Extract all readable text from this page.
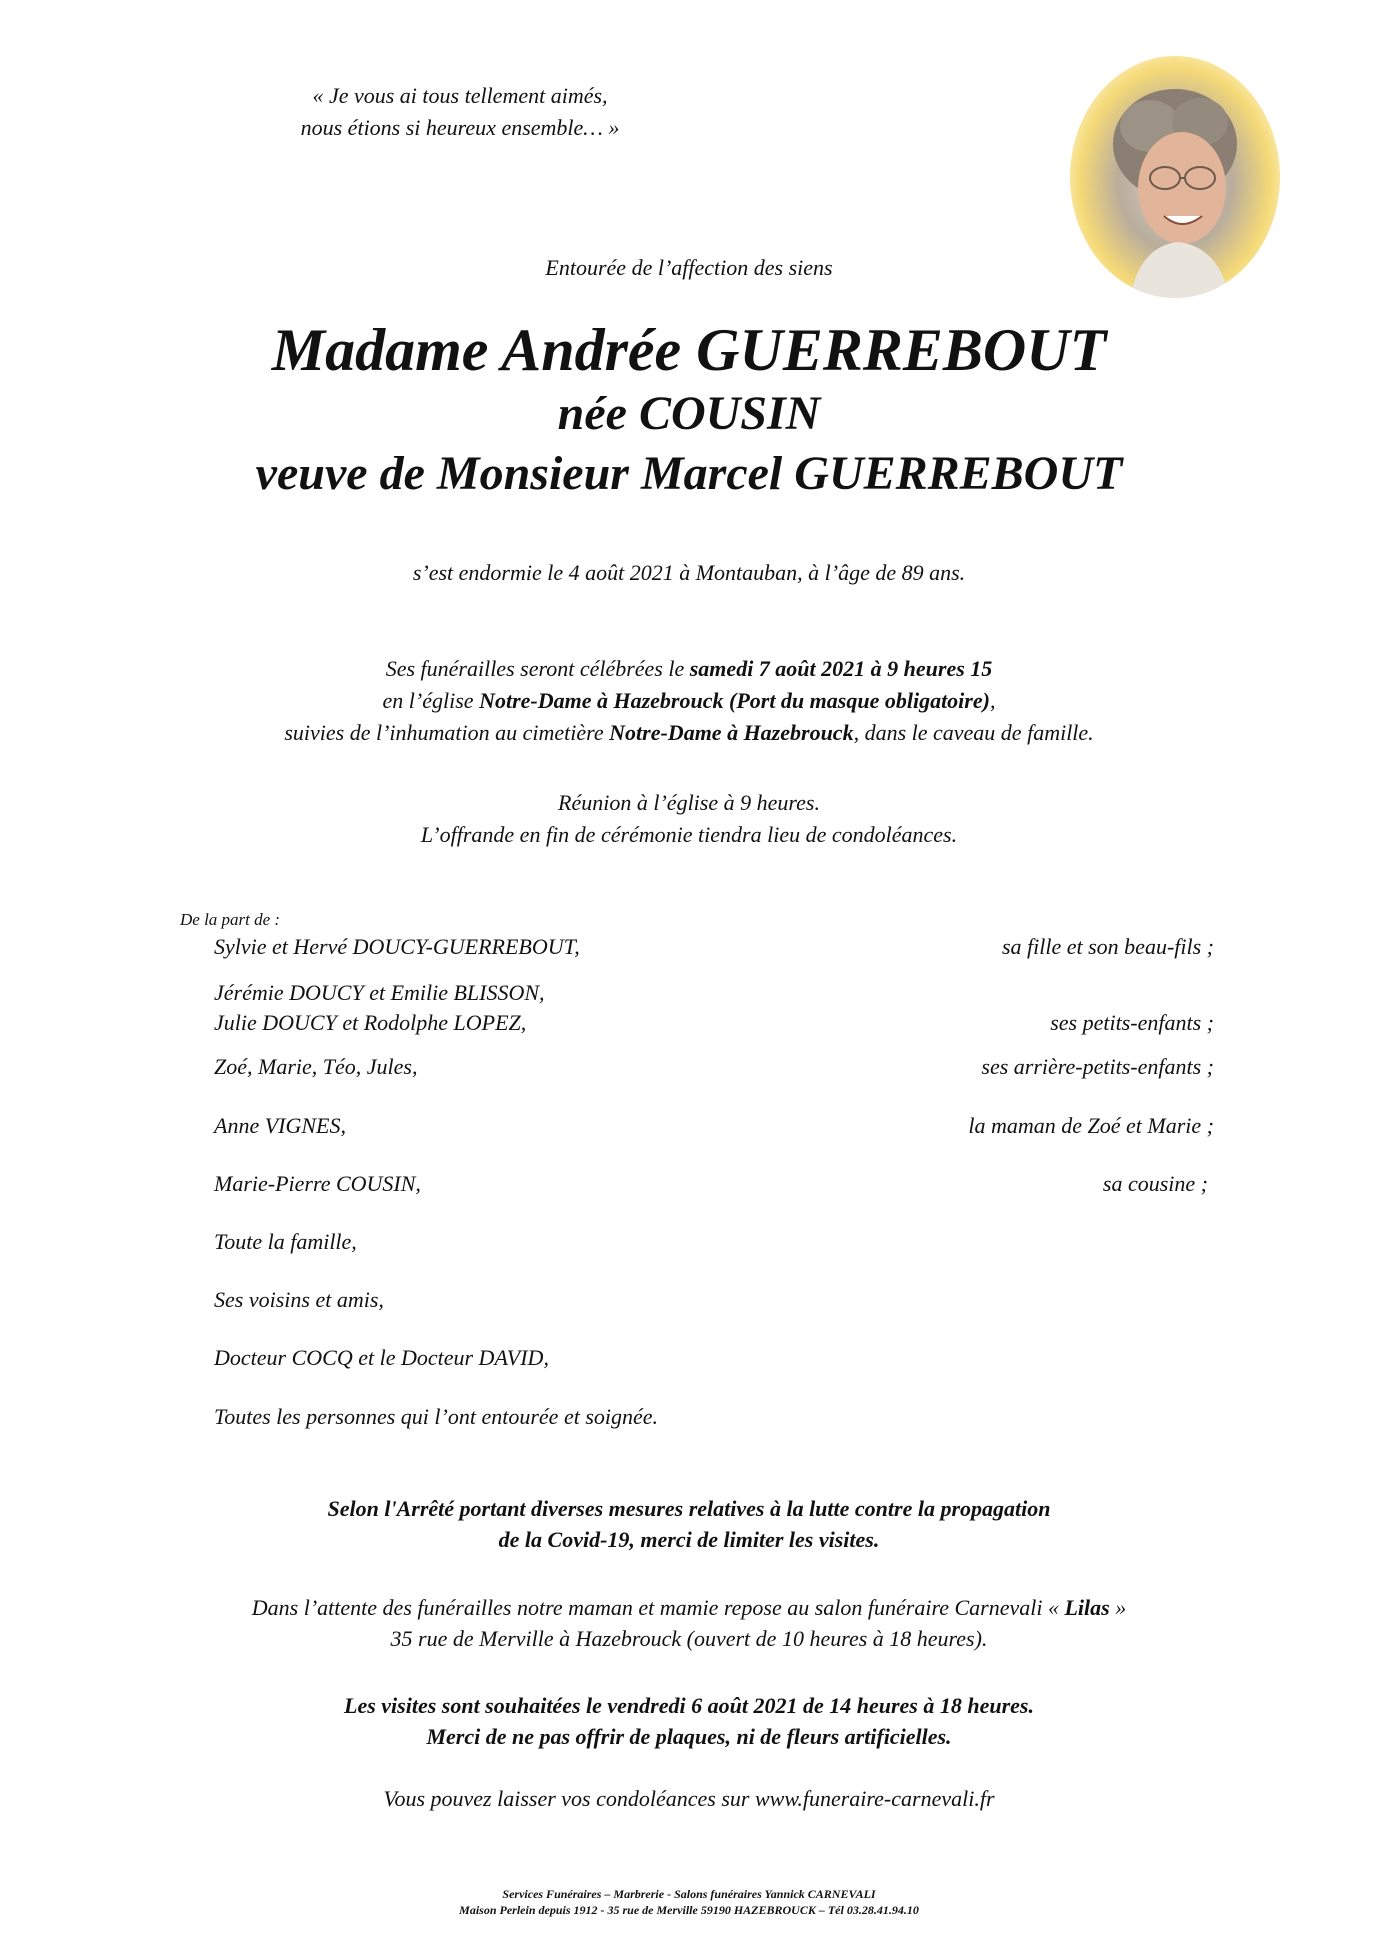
« Je vous ai tous tellement aimés,
nous étions si heureux ensemble… »
Entourée de l’affection des siens
Madame Andrée GUERREBOUT
née COUSIN
veuve de Monsieur Marcel GUERREBOUT
s’est endormie le 4 août 2021 à Montauban, à l’âge de 89 ans.
Ses funérailles seront célébrées le samedi 7 août 2021 à 9 heures 15
en l’église Notre-Dame à Hazebrouck (Port du masque obligatoire),
suivies de l’inhumation au cimetière Notre-Dame à Hazebrouck, dans le caveau de famille.
Réunion à l’église à 9 heures.
L’offrande en fin de cérémonie tiendra lieu de condoléances.
De la part de :
Sylvie et Hervé DOUCY-GUERREBOUT,	sa fille et son beau-fils ;
Jérémie DOUCY et Emilie BLISSON,
Julie DOUCY et Rodolphe LOPEZ,	ses petits-enfants ;
Zoé, Marie, Téo, Jules,	ses arrière-petits-enfants ;
Anne VIGNES,	la maman de Zoé et Marie ;
Marie-Pierre COUSIN,	sa cousine ;
Toute la famille,
Ses voisins et amis,
Docteur COCQ et le Docteur DAVID,
Toutes les personnes qui l’ont entourée et soignée.
Selon l'Arrêté portant diverses mesures relatives à la lutte contre la propagation
de la Covid-19, merci de limiter les visites.
Dans l’attente des funérailles notre maman et mamie repose au salon funéraire Carnevali « Lilas »
35 rue de Merville à Hazebrouck (ouvert de 10 heures à 18 heures).
Les visites sont souhaitées le vendredi 6 août 2021 de 14 heures à 18 heures.
Merci de ne pas offrir de plaques, ni de fleurs artificielles.
Vous pouvez laisser vos condoléances sur www.funeraire-carnevali.fr
Services Funéraires – Marbrerie - Salons funéraires Yannick CARNEVALI
Maison Perlein depuis 1912 - 35 rue de Merville 59190 HAZEBROUCK – Tél 03.28.41.94.10
